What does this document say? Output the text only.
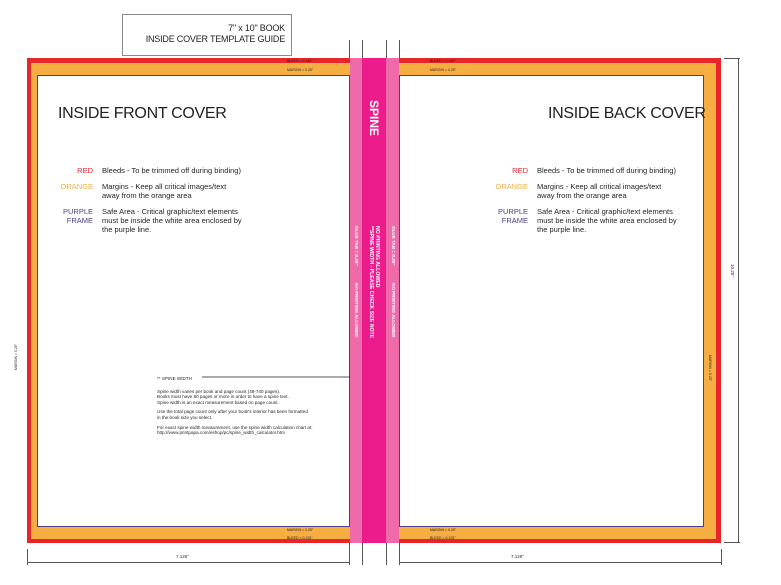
7" x 10" BOOK
INSIDE COVER TEMPLATE GUIDE
BLEED = 0.125"
MARGIN = 0.25"
MARGIN = 0.25"
BLEED = 0.125"
MARGIN = 0.25"
INSIDE FRONT COVER
RED Bleeds - To be trimmed off during binding)
ORANGE Margins - Keep all critical images/text
away from the orange area
PURPLE
FRAME
Safe Area - Critical graphic/text elements
must be inside the white area enclosed by
the purple line.
** SPINE WIDTH
Spine width varies per book and page count (48-740 pages).
Books must have 80 pages or more in order to have a spine text.
Spine width is an exact measurement based on page count.
Use the total page count only after your book's interior has been formatted
in the book size you select.
For exact spine width measurement, use the spine width calculation chart at:
http://www.printpapa.com/eshop/pc/spine_width_calculator.htm
SPINE
NO PRINTING ALLOWED
**SPINE WIDTH - PLEASE CHECK SIZE NOTE
GLUE TAB = 0.25"
NO PRINTING ALLOWED
GLUE TAB = 0.25"
NO PRINTING ALLOWED
BLEED = 0.125"
MARGIN = 0.25"
MARGIN = 0.25"
BLEED = 0.125"
MARGIN = 0.25"
INSIDE BACK COVER
RED Bleeds - To be trimmed off during binding)
ORANGE Margins - Keep all critical images/text
away from the orange area
PURPLE
FRAME
Safe Area - Critical graphic/text elements
must be inside the white area enclosed by
the purple line.
10.25"
7.125"	7.125"
